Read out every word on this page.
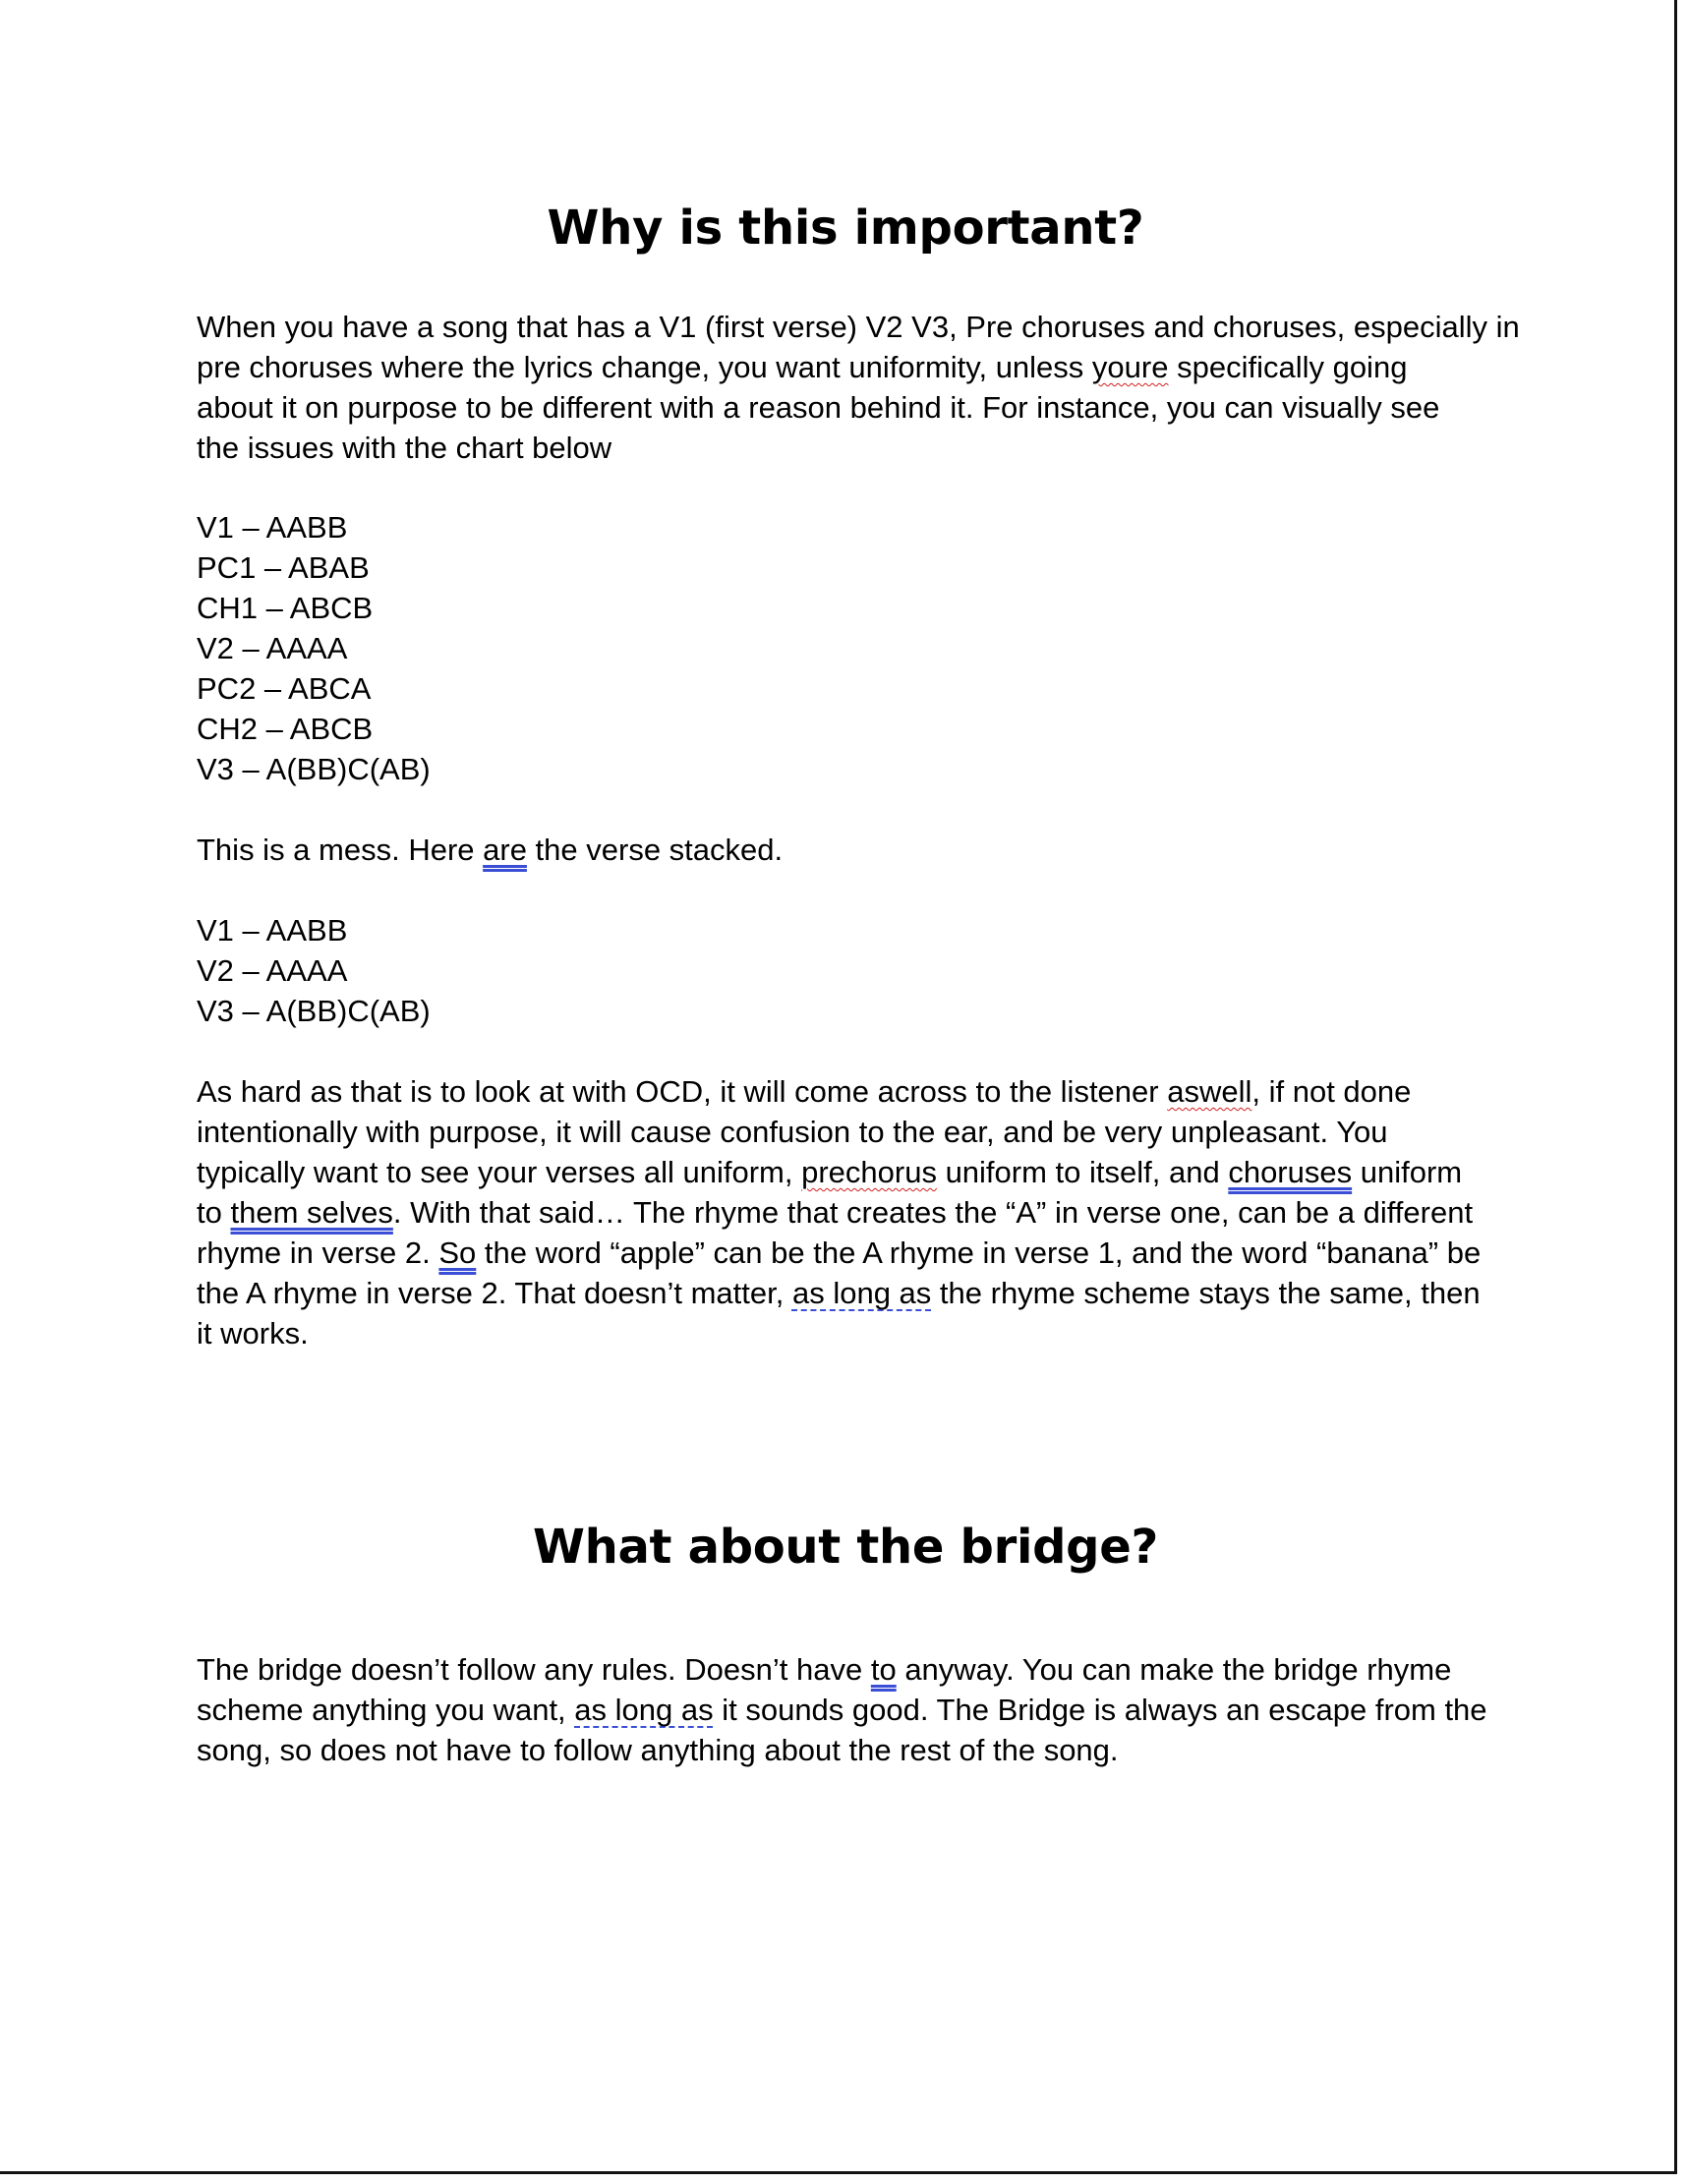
Why is this important?
When you have a song that has a V1 (first verse) V2 V3, Pre choruses and choruses, especially in
pre choruses where the lyrics change, you want uniformity, unless youre specifically going
about it on purpose to be different with a reason behind it. For instance, you can visually see
the issues with the chart below
V1 – AABB
PC1 – ABAB
CH1 – ABCB
V2 – AAAA
PC2 – ABCA
CH2 – ABCB
V3 – A(BB)C(AB)
This is a mess. Here are the verse stacked.
V1 – AABB
V2 – AAAA
V3 – A(BB)C(AB)
As hard as that is to look at with OCD, it will come across to the listener aswell, if not done
intentionally with purpose, it will cause confusion to the ear, and be very unpleasant. You
typically want to see your verses all uniform, prechorus uniform to itself, and choruses uniform
to them selves. With that said… The rhyme that creates the “A” in verse one, can be a different
rhyme in verse 2. So the word “apple” can be the A rhyme in verse 1, and the word “banana” be
the A rhyme in verse 2. That doesn’t matter, as long as the rhyme scheme stays the same, then
it works.
What about the bridge?
The bridge doesn’t follow any rules. Doesn’t have to anyway. You can make the bridge rhyme
scheme anything you want, as long as it sounds good. The Bridge is always an escape from the
song, so does not have to follow anything about the rest of the song.
